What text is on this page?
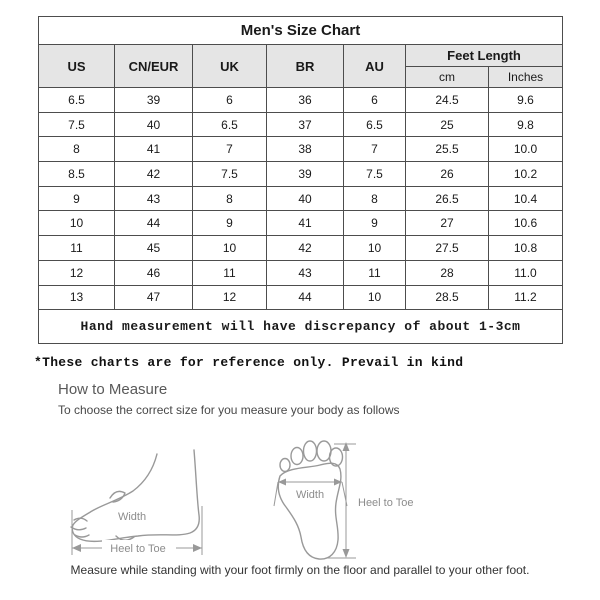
Men's Size Chart						
US	CN/EUR	UK	BR	AU	Feet Length	
					cm	Inches
6.5	39	6	36	6	24.5	9.6
7.5	40	6.5	37	6.5	25	9.8
8	41	7	38	7	25.5	10.0
8.5	42	7.5	39	7.5	26	10.2
9	43	8	40	8	26.5	10.4
10	44	9	41	9	27	10.6
11	45	10	42	10	27.5	10.8
12	46	11	43	11	28	11.0
13	47	12	44	10	28.5	11.2
Hand measurement will have discrepancy of about 1-3cm						
*These charts are for reference only. Prevail in kind
How to Measure
To choose the correct size for you measure your body as follows
Heel to Toe
Width
Width
Heel to Toe
Measure while standing with your foot firmly on the floor and parallel to your other foot.
